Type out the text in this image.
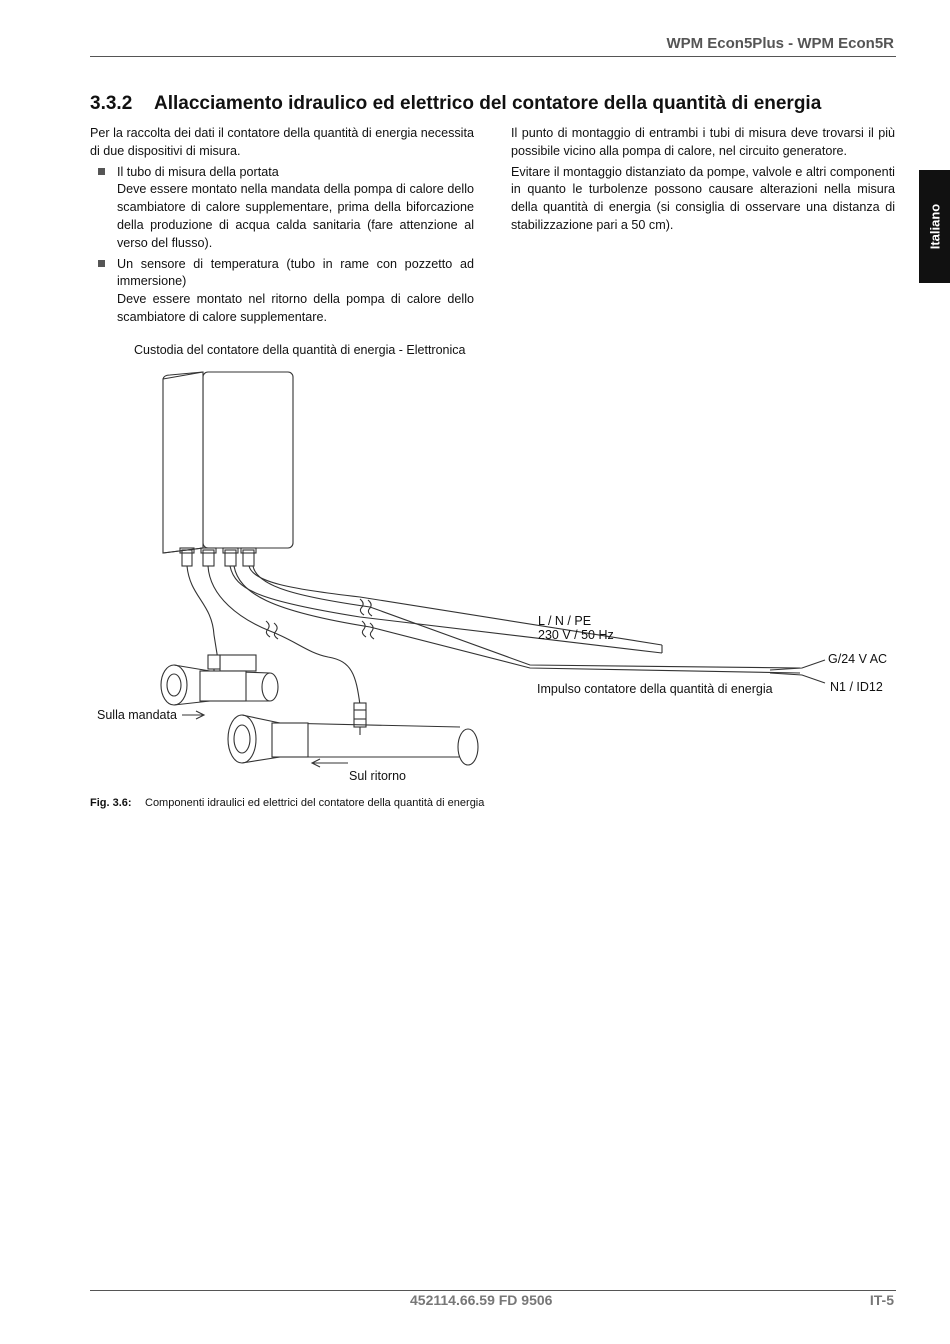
WPM Econ5Plus - WPM Econ5R
3.3.2 Allacciamento idraulico ed elettrico del contatore della quantità di energia

Per la raccolta dei dati il contatore della quantità di energia necessita di due dispositivi di misura.

Il tubo di misura della portata
Deve essere montato nella mandata della pompa di calore dello scambiatore di calore supplementare, prima della biforcazione della produzione di acqua calda sanitaria (fare attenzione al verso del flusso).
Un sensore di temperatura (tubo in rame con pozzetto ad immersione)
Deve essere montato nel ritorno della pompa di calore dello scambiatore di calore supplementare.

Il punto di montaggio di entrambi i tubi di misura deve trovarsi il più possibile vicino alla pompa di calore, nel circuito generatore.

Evitare il montaggio distanziato da pompe, valvole e altri componenti in quanto le turbolenze possono causare alterazioni nella misura della quantità di energia (si consiglia di osservare una distanza di stabilizzazione pari a 50 cm).	Italiano
Custodia del contatore della quantità di energia - Elettronica
L / N / PE
230 V / 50 Hz
G/24 V AC
Impulso contatore della quantità di energia	N1 / ID12
Sulla mandata
Sul ritorno
Fig. 3.6: Componenti idraulici ed elettrici del contatore della quantità di energia
452114.66.59 FD 9506	IT-5
